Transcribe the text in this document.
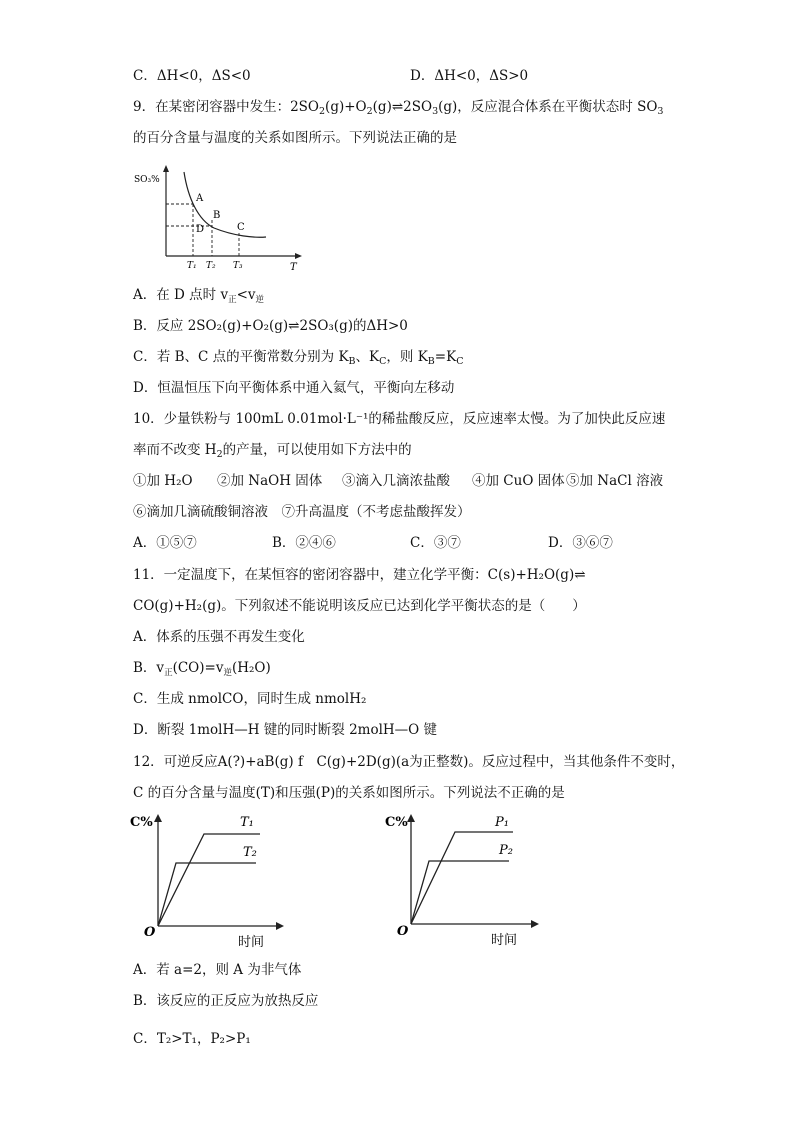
C．ΔH<0，ΔS<0	D．ΔH<0，ΔS>0
9．在某密闭容器中发生：$2SO_2(g)+O_2(g)\rightleftharpoons 2SO_3(g)$，反应混合体系在平衡状态时 $SO_3$
的百分含量与温度的关系如图所示。下列说法正确的是
SO₃%
A
B
C
D
T₁ T₂ T₃	T
A．在 D 点时 $v_正<v_逆$
B．反应 2SO₂(g)+O₂(g)⇌2SO₃(g)的ΔH>0
C．若 B、C 点的平衡常数分别为 $K_B$、$K_C$，则 $K_B=K_C$
D．恒温恒压下向平衡体系中通入氦气，平衡向左移动
10．少量铁粉与 100mL 0.01mol·L⁻¹的稀盐酸反应，反应速率太慢。为了加快此反应速
率而不改变 $H_2$的产量，可以使用如下方法中的
①加 H₂O ②加 NaOH 固体 ③滴入几滴浓盐酸 ④加 CuO 固体 ⑤加 NaCl 溶液
⑥滴加几滴硫酸铜溶液　⑦升高温度（不考虑盐酸挥发）
A．①⑤⑦	B．②④⑥	C．③⑦	D．③⑥⑦
11．一定温度下，在某恒容的密闭容器中，建立化学平衡：C(s)+H₂O(g)⇌
CO(g)+H₂(g)。下列叙述不能说明该反应已达到化学平衡状态的是（　　）
A．体系的压强不再发生变化
B．$v_正(CO)=v_逆(H_2O)$
C．生成 nmolCO，同时生成 nmolH₂
D．断裂 1molH—H 键的同时断裂 2molH—O 键
12．可逆反应A(?)+aB(g) f　C(g)+2D(g)(a为正整数)。反应过程中，当其他条件不变时，
C 的百分含量与温度(T)和压强(P)的关系如图所示。下列说法不正确的是
C%	T₁
T₂
O
时间
C%	P₁
P₂
O
时间
A．若 a=2，则 A 为非气体
B．该反应的正反应为放热反应
C．T₂>T₁，P₂>P₁
